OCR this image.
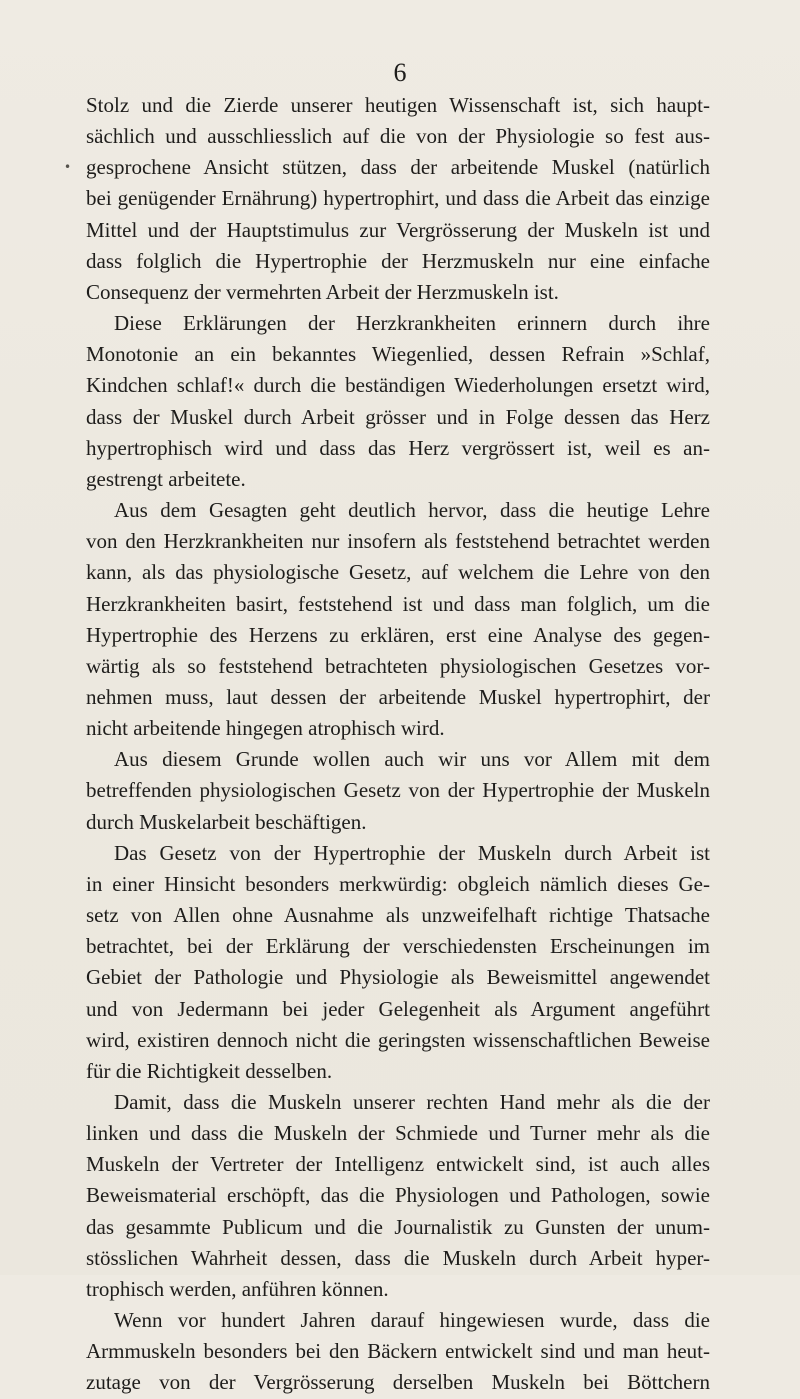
6
Stolz und die Zierde unserer heutigen Wissenschaft ist, sich haupt-
sächlich und ausschliesslich auf die von der Physiologie so fest aus-
gesprochene Ansicht stützen, dass der arbeitende Muskel (natürlich
bei genügender Ernährung) hypertrophirt, und dass die Arbeit das einzige
Mittel und der Hauptstimulus zur Vergrösserung der Muskeln ist und
dass folglich die Hypertrophie der Herzmuskeln nur eine einfache
Consequenz der vermehrten Arbeit der Herzmuskeln ist.
Diese Erklärungen der Herzkrankheiten erinnern durch ihre
Monotonie an ein bekanntes Wiegenlied, dessen Refrain »Schlaf,
Kindchen schlaf!« durch die beständigen Wiederholungen ersetzt wird,
dass der Muskel durch Arbeit grösser und in Folge dessen das Herz
hypertrophisch wird und dass das Herz vergrössert ist, weil es an-
gestrengt arbeitete.
Aus dem Gesagten geht deutlich hervor, dass die heutige Lehre
von den Herzkrankheiten nur insofern als feststehend betrachtet werden
kann, als das physiologische Gesetz, auf welchem die Lehre von den
Herzkrankheiten basirt, feststehend ist und dass man folglich, um die
Hypertrophie des Herzens zu erklären, erst eine Analyse des gegen-
wärtig als so feststehend betrachteten physiologischen Gesetzes vor-
nehmen muss, laut dessen der arbeitende Muskel hypertrophirt, der
nicht arbeitende hingegen atrophisch wird.
Aus diesem Grunde wollen auch wir uns vor Allem mit dem
betreffenden physiologischen Gesetz von der Hypertrophie der Muskeln
durch Muskelarbeit beschäftigen.
Das Gesetz von der Hypertrophie der Muskeln durch Arbeit ist
in einer Hinsicht besonders merkwürdig: obgleich nämlich dieses Ge-
setz von Allen ohne Ausnahme als unzweifelhaft richtige Thatsache
betrachtet, bei der Erklärung der verschiedensten Erscheinungen im
Gebiet der Pathologie und Physiologie als Beweismittel angewendet
und von Jedermann bei jeder Gelegenheit als Argument angeführt
wird, existiren dennoch nicht die geringsten wissenschaftlichen Beweise
für die Richtigkeit desselben.
Damit, dass die Muskeln unserer rechten Hand mehr als die der
linken und dass die Muskeln der Schmiede und Turner mehr als die
Muskeln der Vertreter der Intelligenz entwickelt sind, ist auch alles
Beweismaterial erschöpft, das die Physiologen und Pathologen, sowie
das gesammte Publicum und die Journalistik zu Gunsten der unum-
stösslichen Wahrheit dessen, dass die Muskeln durch Arbeit hyper-
trophisch werden, anführen können.
Wenn vor hundert Jahren darauf hingewiesen wurde, dass die
Armmuskeln besonders bei den Bäckern entwickelt sind und man heut-
zutage von der Vergrösserung derselben Muskeln bei Böttchern
•
